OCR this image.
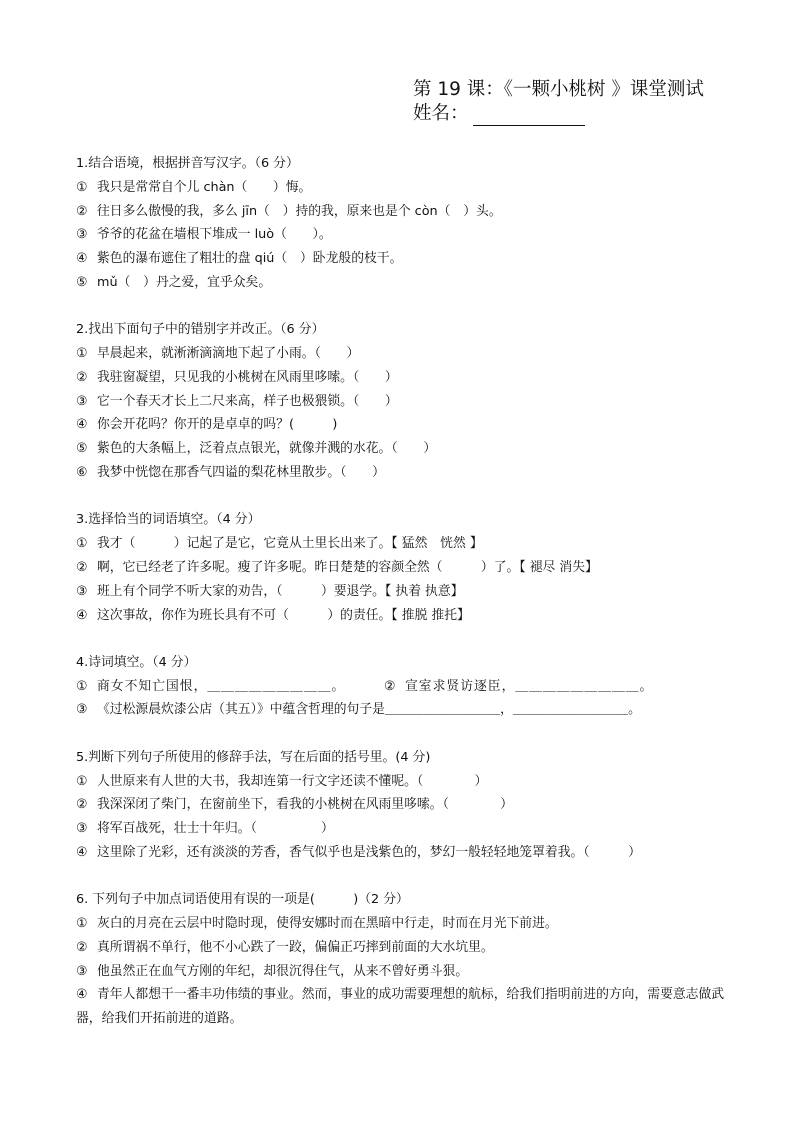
第 19 课：《一颗小桃树 》课堂测试
姓名：
1.结合语境，根据拼音写汉字。（6 分）
① 我只是常常自个儿 chàn（　　）悔。
② 往日多么傲慢的我，多么 jīn（　）持的我，原来也是个 còn（　）头。
③ 爷爷的花盆在墙根下堆成一 luò（　　）。
④ 紫色的瀑布遮住了粗壮的盘 qiú（　）卧龙般的枝干。
⑤ mǔ（　）丹之爱，宜乎众矣。
2.找出下面句子中的错别字并改正。（6 分）
① 早晨起来，就淅淅滴滴地下起了小雨。（　　）
② 我驻窗凝望，只见我的小桃树在风雨里哆嗦。（　　）
③ 它一个春天才长上二尺来高，样子也极猥锁。（　　）
④ 你会开花吗？你开的是卓卓的吗？(　　　)
⑤ 紫色的大条幅上，泛着点点银光，就像并溅的水花。（　　）
⑥ 我梦中恍惚在那香气四谥的梨花林里散步。（　　）
3.选择恰当的词语填空。（4 分）
① 我才（　　　）记起了是它，它竟从土里长出来了。【 猛然　恍然 】
② 啊，它已经老了许多呢。瘦了许多呢。昨日楚楚的容颜全然（　　　）了。【 褪尽 消失】
③ 班上有个同学不听大家的劝告，（　　　）要退学。【 执着 执意】
④ 这次事故，你作为班长具有不可（　　　）的责任。【 推脱 推托】
4.诗词填空。（4 分）
① 商女不知亡国恨，＿＿＿＿＿＿＿＿＿。	② 宣室求贤访逐臣，＿＿＿＿＿＿＿＿＿。
③ 《过松源晨炊漆公店（其五）》中蕴含哲理的句子是＿＿＿＿＿＿＿＿＿，＿＿＿＿＿＿＿＿＿。
5.判断下列句子所使用的修辞手法，写在后面的括号里。(4 分)
① 人世原来有人世的大书，我却连第一行文字还读不懂呢。（　　　　）
② 我深深闭了柴门，在窗前坐下，看我的小桃树在风雨里哆嗦。（　　　　）
③ 将军百战死，壮士十年归。（　　　　　）
④ 这里除了光彩，还有淡淡的芳香，香气似乎也是浅紫色的，梦幻一般轻轻地笼罩着我。（　　　）
6. 下列句子中加点词语使用有误的一项是(　　　)（2 分）
① 灰白的月亮在云层中时隐时现，使得安娜时而在黑暗中行走，时而在月光下前进。
② 真所谓祸不单行，他不小心跌了一跤，偏偏正巧摔到前面的大水坑里。
③ 他虽然正在血气方刚的年纪，却很沉得住气，从来不曾好勇斗狠。
④ 青年人都想干一番丰功伟绩的事业。然而，事业的成功需要理想的航标，给我们指明前进的方向，需要意志做武器，给我们开拓前进的道路。
